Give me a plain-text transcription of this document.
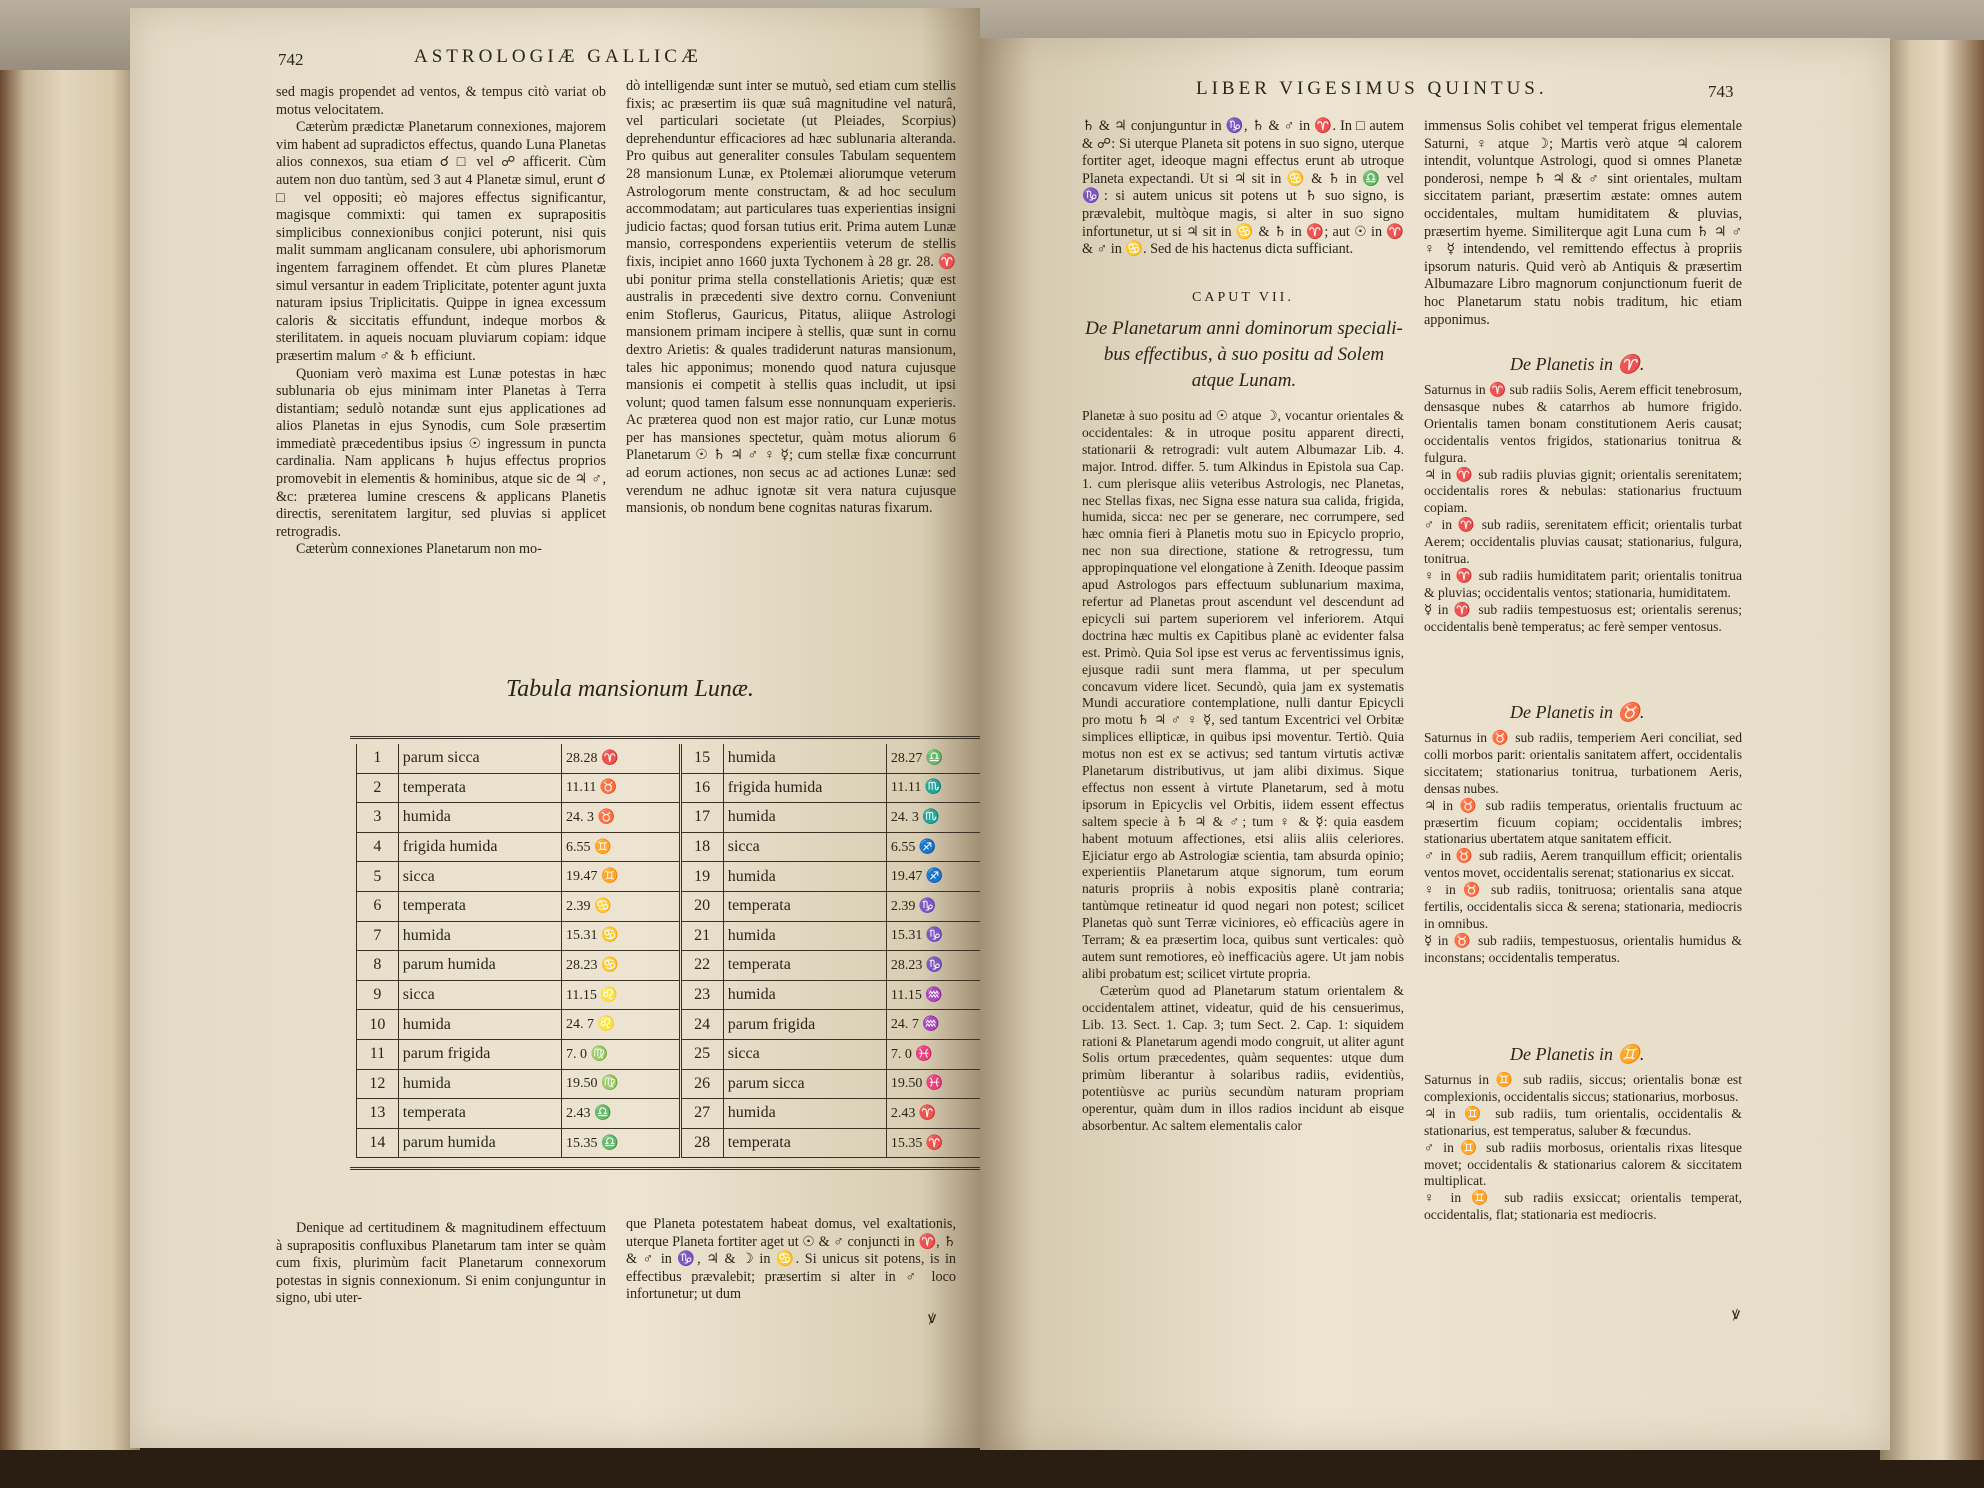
742	ASTROLOGIÆ GALLICÆ

sed magis propendet ad ventos, & tempus citò variat ob motus velocitatem.

Cæterùm prædictæ Planetarum connexiones, majorem vim habent ad supradictos effectus, quando Luna Planetas alios connexos, sua etiam ☌ □ vel ☍ afficerit. Cùm autem non duo tantùm, sed 3 aut 4 Planetæ simul, erunt ☌ □ vel oppositi; eò majores effectus significantur, magisque commixti: qui tamen ex suprapositis simplicibus connexionibus conjici poterunt, nisi quis malit summam anglicanam consulere, ubi aphorismorum ingentem farraginem offendet. Et cùm plures Planetæ simul versantur in eadem Triplicitate, potenter agunt juxta naturam ipsius Triplicitatis. Quippe in ignea excessum caloris & siccitatis effundunt, indeque morbos & sterilitatem. in aqueis nocuam pluviarum copiam: idque præsertim malum ♂ & ♄ efficiunt.

Quoniam verò maxima est Lunæ potestas in hæc sublunaria ob ejus minimam inter Planetas à Terra distantiam; sedulò notandæ sunt ejus applicationes ad alios Planetas in ejus Synodis, cum Sole præsertim immediatè præcedentibus ipsius ☉ ingressum in puncta cardinalia. Nam applicans ♄ hujus effectus proprios promovebit in elementis & hominibus, atque sic de ♃ ♂, &c: præterea lumine crescens & applicans Planetis directis, serenitatem largitur, sed pluvias si applicet retrogradis.

Cæterùm connexiones Planetarum non mo-

dò intelligendæ sunt inter se mutuò, sed etiam cum stellis fixis; ac præsertim iis quæ suâ magnitudine vel naturâ, vel particulari societate (ut Pleiades, Scorpius) deprehenduntur efficaciores ad hæc sublunaria alteranda. Pro quibus aut generaliter consules Tabulam sequentem 28 mansionum Lunæ, ex Ptolemæi aliorumque veterum Astrologorum mente constructam, & ad hoc seculum accommodatam; aut particulares tuas experientias insigni judicio factas; quod forsan tutius erit. Prima autem Lunæ mansio, correspondens experientiis veterum de stellis fixis, incipiet anno 1660 juxta Tychonem à 28 gr. 28. ♈ ubi ponitur prima stella constellationis Arietis; quæ est australis in præcedenti sive dextro cornu. Conveniunt enim Stoflerus, Gauricus, Pitatus, aliique Astrologi mansionem primam incipere à stellis, quæ sunt in cornu dextro Arietis: & quales tradiderunt naturas mansionum, tales hic apponimus; monendo quod natura cujusque mansionis ei competit à stellis quas includit, ut ipsi volunt; quod tamen falsum esse nonnunquam experieris. Ac præterea quod non est major ratio, cur Lunæ motus per has mansiones spectetur, quàm motus aliorum 6 Planetarum ☉ ♄ ♃ ♂ ♀ ☿; cum stellæ fixæ concurrunt ad eorum actiones, non secus ac ad actiones Lunæ: sed verendum ne adhuc ignotæ sit vera natura cujusque mansionis, ob nondum bene cognitas naturas fixarum.

Tabula mansionum Lunæ.
1	parum sicca	28.28 ♈	15	humida	28.27 ♎
2	temperata	11.11 ♉	16	frigida humida	11.11 ♏
3	humida	24. 3 ♉	17	humida	24. 3 ♏
4	frigida humida	6.55 ♊	18	sicca	6.55 ♐
5	sicca	19.47 ♊	19	humida	19.47 ♐
6	temperata	2.39 ♋	20	temperata	2.39 ♑
7	humida	15.31 ♋	21	humida	15.31 ♑
8	parum humida	28.23 ♋	22	temperata	28.23 ♑
9	sicca	11.15 ♌	23	humida	11.15 ♒
10	humida	24. 7 ♌	24	parum frigida	24. 7 ♒
11	parum frigida	7. 0 ♍	25	sicca	7. 0 ♓
12	humida	19.50 ♍	26	parum sicca	19.50 ♓
13	temperata	2.43 ♎	27	humida	2.43 ♈
14	parum humida	15.35 ♎	28	temperata	15.35 ♈
Denique ad certitudinem & magnitudinem effectuum à suprapositis confluxibus Planetarum tam inter se quàm cum fixis, plurimùm facit Planetarum connexorum potestas in signis connexionum. Si enim conjunguntur in signo, ubi uter-
que Planeta potestatem habeat domus, vel exaltationis, uterque Planeta fortiter aget ut ☉ & ♂ conjuncti in ♈, ♄ & ♂ in ♑, ♃ & ☽ in ♋. Si unicus sit potens, is in effectibus prævalebit; præsertim si alter in ♂ loco infortunetur; ut dum
ꝟ
LIBER VIGESIMUS QUINTUS.	743
♄ & ♃ conjunguntur in ♑, ♄ & ♂ in ♈. In □ autem & ☍: Si uterque Planeta sit potens in suo signo, uterque fortiter aget, ideoque magni effectus erunt ab utroque Planeta expectandi. Ut si ♃ sit in ♋ & ♄ in ♎ vel ♑: si autem unicus sit potens ut ♄ suo signo, is prævalebit, multòque magis, si alter in suo signo infortunetur, ut si ♃ sit in ♋ & ♄ in ♈; aut ☉ in ♈ & ♂ in ♋. Sed de his hactenus dicta sufficiant.
CAPUT VII.
De Planetarum anni dominorum speciali-
bus effectibus, à suo positu ad Solem
atque Lunam.

Planetæ à suo positu ad ☉ atque ☽, vocantur orientales & occidentales: & in utroque positu apparent directi, stationarii & retrogradi: vult autem Albumazar Lib. 4. major. Introd. differ. 5. tum Alkindus in Epistola sua Cap. 1. cum plerisque aliis veteribus Astrologis, nec Planetas, nec Stellas fixas, nec Signa esse natura sua calida, frigida, humida, sicca: nec per se generare, nec corrumpere, sed hæc omnia fieri à Planetis motu suo in Epicyclo proprio, nec non sua directione, statione & retrogressu, tum appropinquatione vel elongatione à Zenith. Ideoque passim apud Astrologos pars effectuum sublunarium maxima, refertur ad Planetas prout ascendunt vel descendunt ad epicycli sui partem superiorem vel inferiorem. Atqui doctrina hæc multis ex Capitibus planè ac evidenter falsa est. Primò. Quia Sol ipse est verus ac ferventissimus ignis, ejusque radii sunt mera flamma, ut per speculum concavum videre licet. Secundò, quia jam ex systematis Mundi accuratiore contemplatione, nulli dantur Epicycli pro motu ♄ ♃ ♂ ♀ ☿, sed tantum Excentrici vel Orbitæ simplices ellipticæ, in quibus ipsi moventur. Tertiò. Quia motus non est ex se activus; sed tantum virtutis activæ Planetarum distributivus, ut jam alibi diximus. Sique effectus non essent à virtute Planetarum, sed à motu ipsorum in Epicyclis vel Orbitis, iidem essent effectus saltem specie à ♄ ♃ & ♂; tum ♀ & ☿: quia easdem habent motuum affectiones, etsi aliis aliis celeriores. Ejiciatur ergo ab Astrologiæ scientia, tam absurda opinio; experientiis Planetarum atque signorum, tum eorum naturis propriis à nobis expositis planè contraria; tantùmque retineatur id quod negari non potest; scilicet Planetas quò sunt Terræ viciniores, eò efficaciùs agere in Terram; & ea præsertim loca, quibus sunt verticales: quò autem sunt remotiores, eò inefficaciùs agere. Ut jam nobis alibi probatum est; scilicet virtute propria.

Cæterùm quod ad Planetarum statum orientalem & occidentalem attinet, videatur, quid de his censuerimus, Lib. 13. Sect. 1. Cap. 3; tum Sect. 2. Cap. 1: siquidem rationi & Planetarum agendi modo congruit, ut aliter agunt Solis ortum præcedentes, quàm sequentes: utque dum primùm liberantur à solaribus radiis, evidentiùs, potentiùsve ac puriùs secundùm naturam propriam operentur, quàm dum in illos radios incidunt ab eisque absorbentur. Ac saltem elementalis calor

immensus Solis cohibet vel temperat frigus elementale Saturni, ♀ atque ☽; Martis verò atque ♃ calorem intendit, voluntque Astrologi, quod si omnes Planetæ ponderosi, nempe ♄ ♃ & ♂ sint orientales, multam siccitatem pariant, præsertim æstate: omnes autem occidentales, multam humiditatem & pluvias, præsertim hyeme. Similiterque agit Luna cum ♄ ♃ ♂ ♀ ☿ intendendo, vel remittendo effectus à propriis ipsorum naturis. Quid verò ab Antiquis & præsertim Albumazare Libro magnorum conjunctionum fuerit de hoc Planetarum statu nobis traditum, hic etiam apponimus.
De Planetis in ♈.

Saturnus in ♈ sub radiis Solis, Aerem efficit tenebrosum, densasque nubes & catarrhos ab humore frigido. Orientalis tamen bonam constitutionem Aeris causat; occidentalis ventos frigidos, stationarius tonitrua & fulgura.

♃ in ♈ sub radiis pluvias gignit; orientalis serenitatem; occidentalis rores & nebulas: stationarius fructuum copiam.

♂ in ♈ sub radiis, serenitatem efficit; orientalis turbat Aerem; occidentalis pluvias causat; stationarius, fulgura, tonitrua.

♀ in ♈ sub radiis humiditatem parit; orientalis tonitrua & pluvias; occidentalis ventos; stationaria, humiditatem.

☿ in ♈ sub radiis tempestuosus est; orientalis serenus; occidentalis benè temperatus; ac ferè semper ventosus.

De Planetis in ♉.

Saturnus in ♉ sub radiis, temperiem Aeri conciliat, sed colli morbos parit: orientalis sanitatem affert, occidentalis siccitatem; stationarius tonitrua, turbationem Aeris, densas nubes.

♃ in ♉ sub radiis temperatus, orientalis fructuum ac præsertim ficuum copiam; occidentalis imbres; stationarius ubertatem atque sanitatem efficit.

♂ in ♉ sub radiis, Aerem tranquillum efficit; orientalis ventos movet, occidentalis serenat; stationarius ex siccat.

♀ in ♉ sub radiis, tonitruosa; orientalis sana atque fertilis, occidentalis sicca & serena; stationaria, mediocris in omnibus.

☿ in ♉ sub radiis, tempestuosus, orientalis humidus & inconstans; occidentalis temperatus.

De Planetis in ♊.

Saturnus in ♊ sub radiis, siccus; orientalis bonæ est complexionis, occidentalis siccus; stationarius, morbosus.

♃ in ♊ sub radiis, tum orientalis, occidentalis & stationarius, est temperatus, saluber & fœcundus.

♂ in ♊ sub radiis morbosus, orientalis rixas litesque movet; occidentalis & stationarius calorem & siccitatem multiplicat.

♀ in ♊ sub radiis exsiccat; orientalis temperat, occidentalis, flat; stationaria est mediocris.

ꝟ
